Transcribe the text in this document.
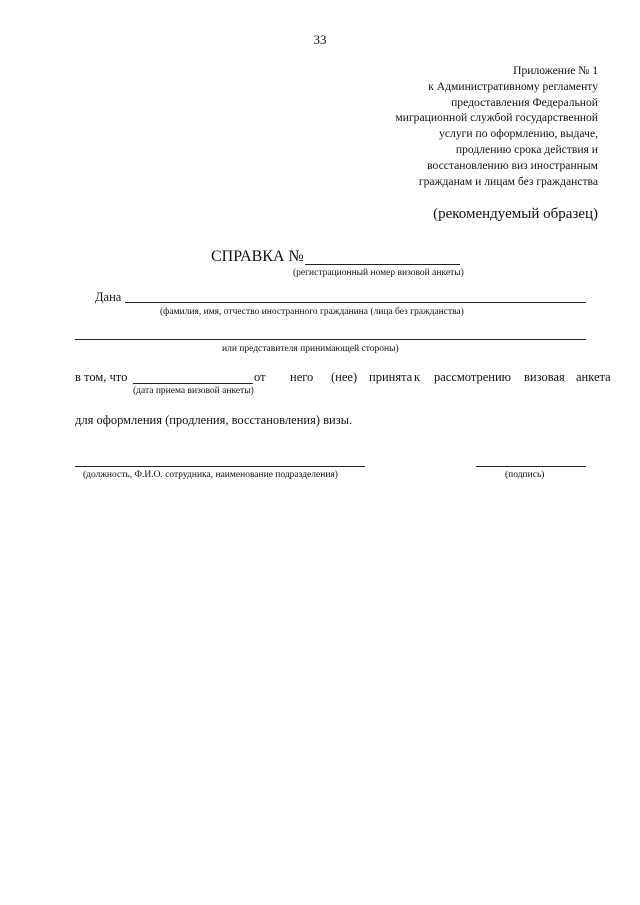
33
Приложение № 1
к Административному регламенту
предоставления Федеральной
миграционной службой государственной
услуги по оформлению, выдаче,
продлению срока действия и
восстановлению виз иностранным
гражданам и лицам без гражданства
(рекомендуемый образец)
СПРАВКА №
(регистрационный номер визовой анкеты)
Дана
(фамилия, имя, отчество иностранного гражданина (лица без гражданства)
или представителя принимающей стороны)
в том, что
(дата приема визовой анкеты)
от него (нее) принята к рассмотрению визовая анкета
для оформления (продления, восстановления) визы.
(должность, Ф.И.О. сотрудника, наименование подразделения)	(подпись)
